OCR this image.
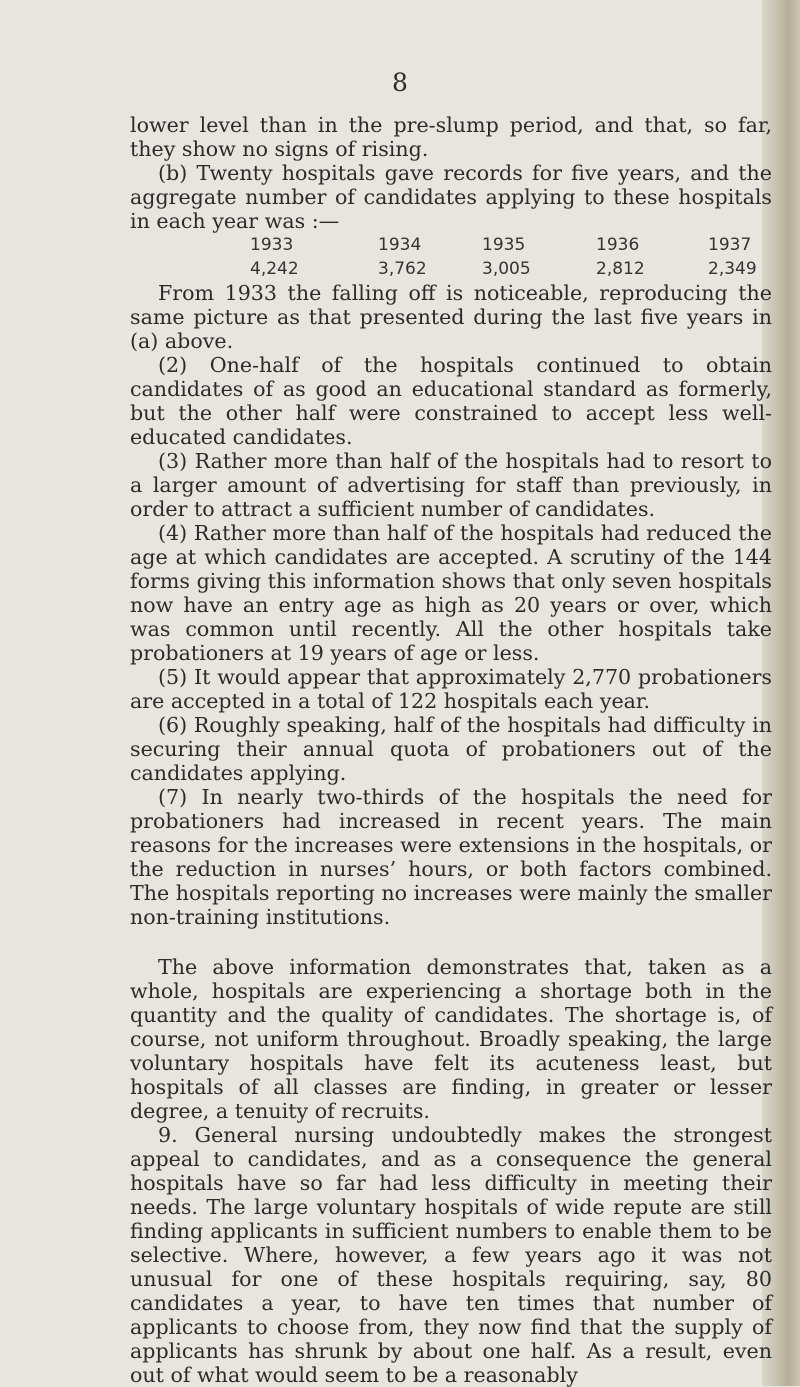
8

lower level than in the pre-slump period, and that, so far, they show no signs of rising.

(b) Twenty hospitals gave records for five years, and the aggregate number of candidates applying to these hospitals in each year was :—

1933	1934	1935	1936	1937
4,242	3,762	3,005	2,812	2,349

From 1933 the falling off is noticeable, reproducing the same picture as that presented during the last five years in (a) above.

(2) One-half of the hospitals continued to obtain candidates of as good an educational standard as formerly, but the other half were constrained to accept less well-educated candidates.

(3) Rather more than half of the hospitals had to resort to a larger amount of advertising for staff than previously, in order to attract a sufficient number of candidates.

(4) Rather more than half of the hospitals had reduced the age at which candidates are accepted. A scrutiny of the 144 forms giving this information shows that only seven hospitals now have an entry age as high as 20 years or over, which was common until recently. All the other hospitals take probationers at 19 years of age or less.

(5) It would appear that approximately 2,770 probationers are accepted in a total of 122 hospitals each year.

(6) Roughly speaking, half of the hospitals had difficulty in securing their annual quota of probationers out of the candidates applying.

(7) In nearly two-thirds of the hospitals the need for probationers had increased in recent years. The main reasons for the increases were extensions in the hospitals, or the reduction in nurses’ hours, or both factors combined. The hospitals reporting no increases were mainly the smaller non-training institutions.

The above information demonstrates that, taken as a whole, hospitals are experiencing a shortage both in the quantity and the quality of candidates. The shortage is, of course, not uniform throughout. Broadly speaking, the large voluntary hospitals have felt its acuteness least, but hospitals of all classes are finding, in greater or lesser degree, a tenuity of recruits.

9. General nursing undoubtedly makes the strongest appeal to candidates, and as a consequence the general hospitals have so far had less difficulty in meeting their needs. The large voluntary hospitals of wide repute are still finding applicants in sufficient numbers to enable them to be selective. Where, however, a few years ago it was not unusual for one of these hospitals requiring, say, 80 candidates a year, to have ten times that number of applicants to choose from, they now find that the supply of applicants has shrunk by about one half. As a result, even out of what would seem to be a reasonably
